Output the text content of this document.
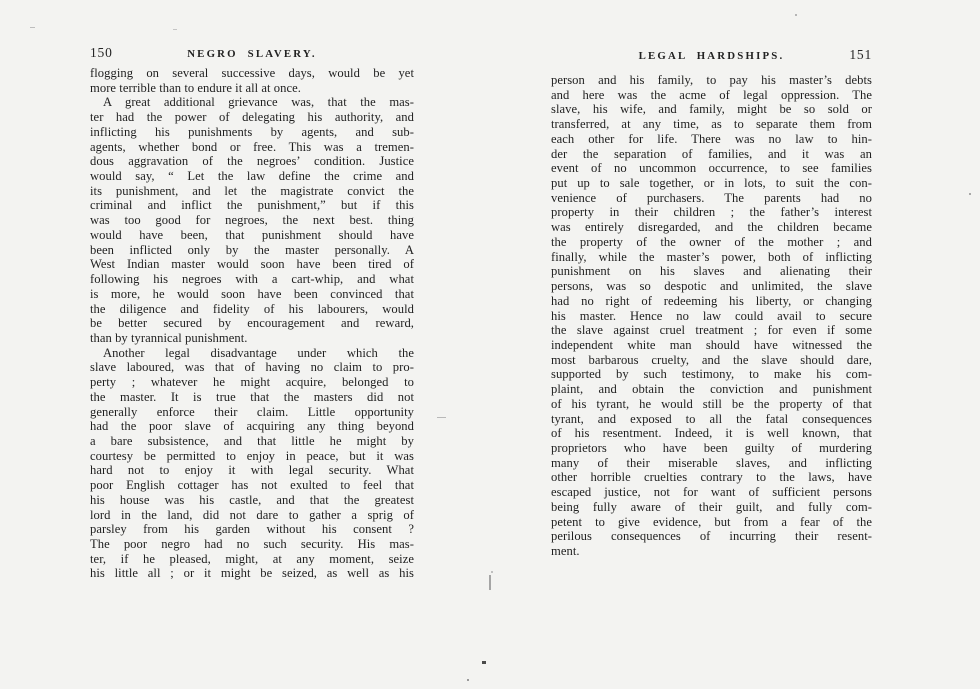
150	NEGRO SLAVERY.
flogging on several successive days, would be yet
more terrible than to endure it all at once.
A great additional grievance was, that the mas-
ter had the power of delegating his authority, and
inflicting his punishments by agents, and sub-
agents, whether bond or free. This was a tremen-
dous aggravation of the negroes’ condition. Justice
would say, “ Let the law define the crime and
its punishment, and let the magistrate convict the
criminal and inflict the punishment,” but if this
was too good for negroes, the next best. thing
would have been, that punishment should have
been inflicted only by the master personally. A
West Indian master would soon have been tired of
following his negroes with a cart-whip, and what
is more, he would soon have been convinced that
the diligence and fidelity of his labourers, would
be better secured by encouragement and reward,
than by tyrannical punishment.
Another legal disadvantage under which the
slave laboured, was that of having no claim to pro-
perty ; whatever he might acquire, belonged to
the master. It is true that the masters did not
generally enforce their claim. Little opportunity
had the poor slave of acquiring any thing beyond
a bare subsistence, and that little he might by
courtesy be permitted to enjoy in peace, but it was
hard not to enjoy it with legal security. What
poor English cottager has not exulted to feel that
his house was his castle, and that the greatest
lord in the land, did not dare to gather a sprig of
parsley from his garden without his consent ?
The poor negro had no such security. His mas-
ter, if he pleased, might, at any moment, seize
his little all ; or it might be seized, as well as his
LEGAL HARDSHIPS.	151
person and his family, to pay his master’s debts
and here was the acme of legal oppression. The
slave, his wife, and family, might be so sold or
transferred, at any time, as to separate them from
each other for life. There was no law to hin-
der the separation of families, and it was an
event of no uncommon occurrence, to see families
put up to sale together, or in lots, to suit the con-
venience of purchasers. The parents had no
property in their children ; the father’s interest
was entirely disregarded, and the children became
the property of the owner of the mother ; and
finally, while the master’s power, both of inflicting
punishment on his slaves and alienating their
persons, was so despotic and unlimited, the slave
had no right of redeeming his liberty, or changing
his master. Hence no law could avail to secure
the slave against cruel treatment ; for even if some
independent white man should have witnessed the
most barbarous cruelty, and the slave should dare,
supported by such testimony, to make his com-
plaint, and obtain the conviction and punishment
of his tyrant, he would still be the property of that
tyrant, and exposed to all the fatal consequences
of his resentment. Indeed, it is well known, that
proprietors who have been guilty of murdering
many of their miserable slaves, and inflicting
other horrible cruelties contrary to the laws, have
escaped justice, not for want of sufficient persons
being fully aware of their guilt, and fully com-
petent to give evidence, but from a fear of the
perilous consequences of incurring their resent-
ment.
